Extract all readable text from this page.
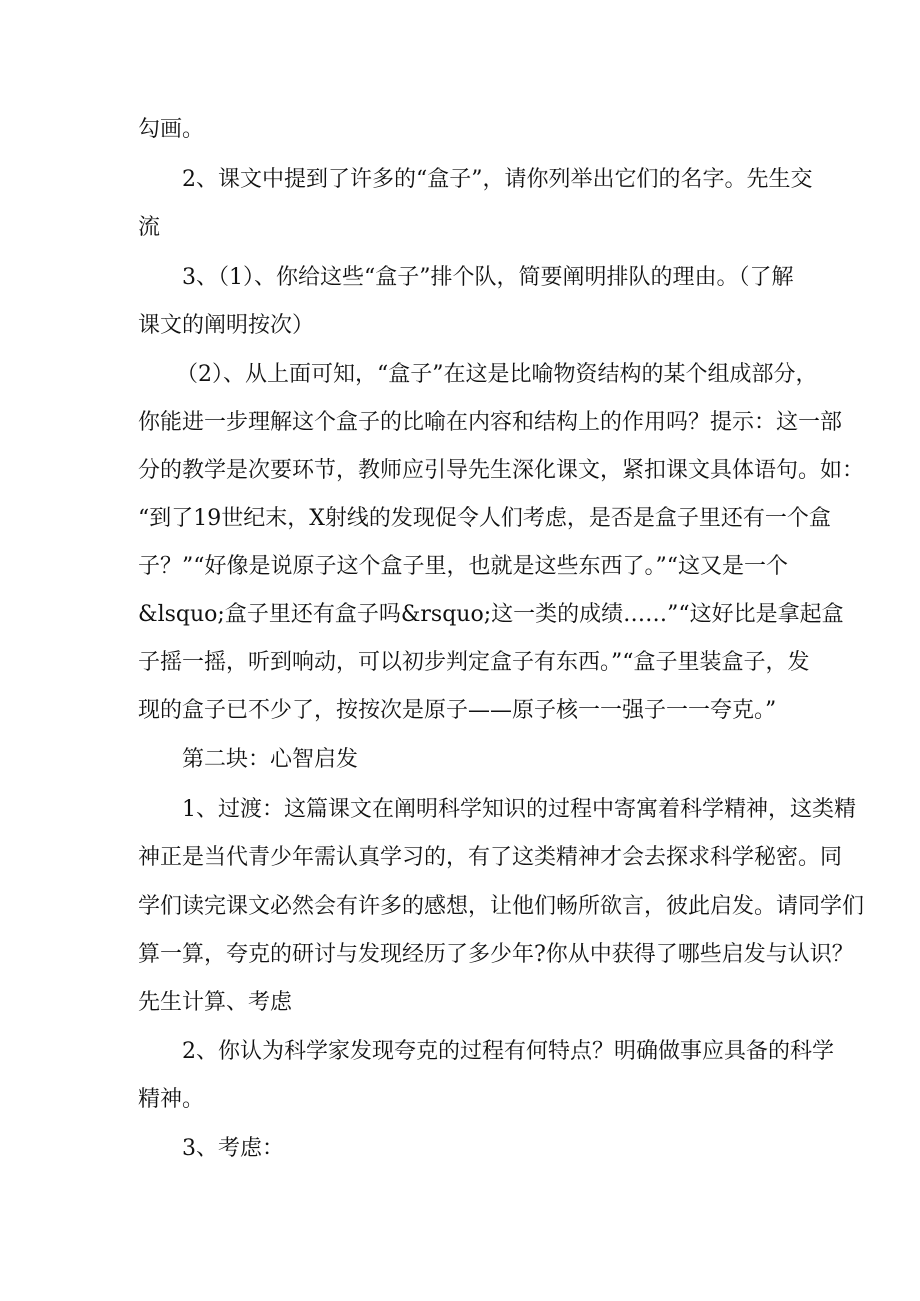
勾画。
2、课文中提到了许多的“盒子”，请你列举出它们的名字。先生交
流
3、（1）、你给这些“盒子”排个队，简要阐明排队的理由。（了解
课文的阐明按次）
（2）、从上面可知，“盒子”在这是比喻物资结构的某个组成部分，
你能进一步理解这个盒子的比喻在内容和结构上的作用吗？提示：这一部
分的教学是次要环节，教师应引导先生深化课文，紧扣课文具体语句。如：
“到了19世纪末，X射线的发现促令人们考虑，是否是盒子里还有一个盒
子？”“好像是说原子这个盒子里，也就是这些东西了。”“这又是一个
&lsquo;盒子里还有盒子吗&rsquo;这一类的成绩……”“这好比是拿起盒
子摇一摇，听到响动，可以初步判定盒子有东西。”“盒子里装盒子，发
现的盒子已不少了，按按次是原子——原子核一一强子一一夸克。”
第二块：心智启发
1、过渡：这篇课文在阐明科学知识的过程中寄寓着科学精神，这类精
神正是当代青少年需认真学习的，有了这类精神才会去探求科学秘密。同
学们读完课文必然会有许多的感想，让他们畅所欲言，彼此启发。请同学们
算一算，夸克的研讨与发现经历了多少年?你从中获得了哪些启发与认识？
先生计算、考虑
2、你认为科学家发现夸克的过程有何特点？明确做事应具备的科学
精神。
3、考虑：
